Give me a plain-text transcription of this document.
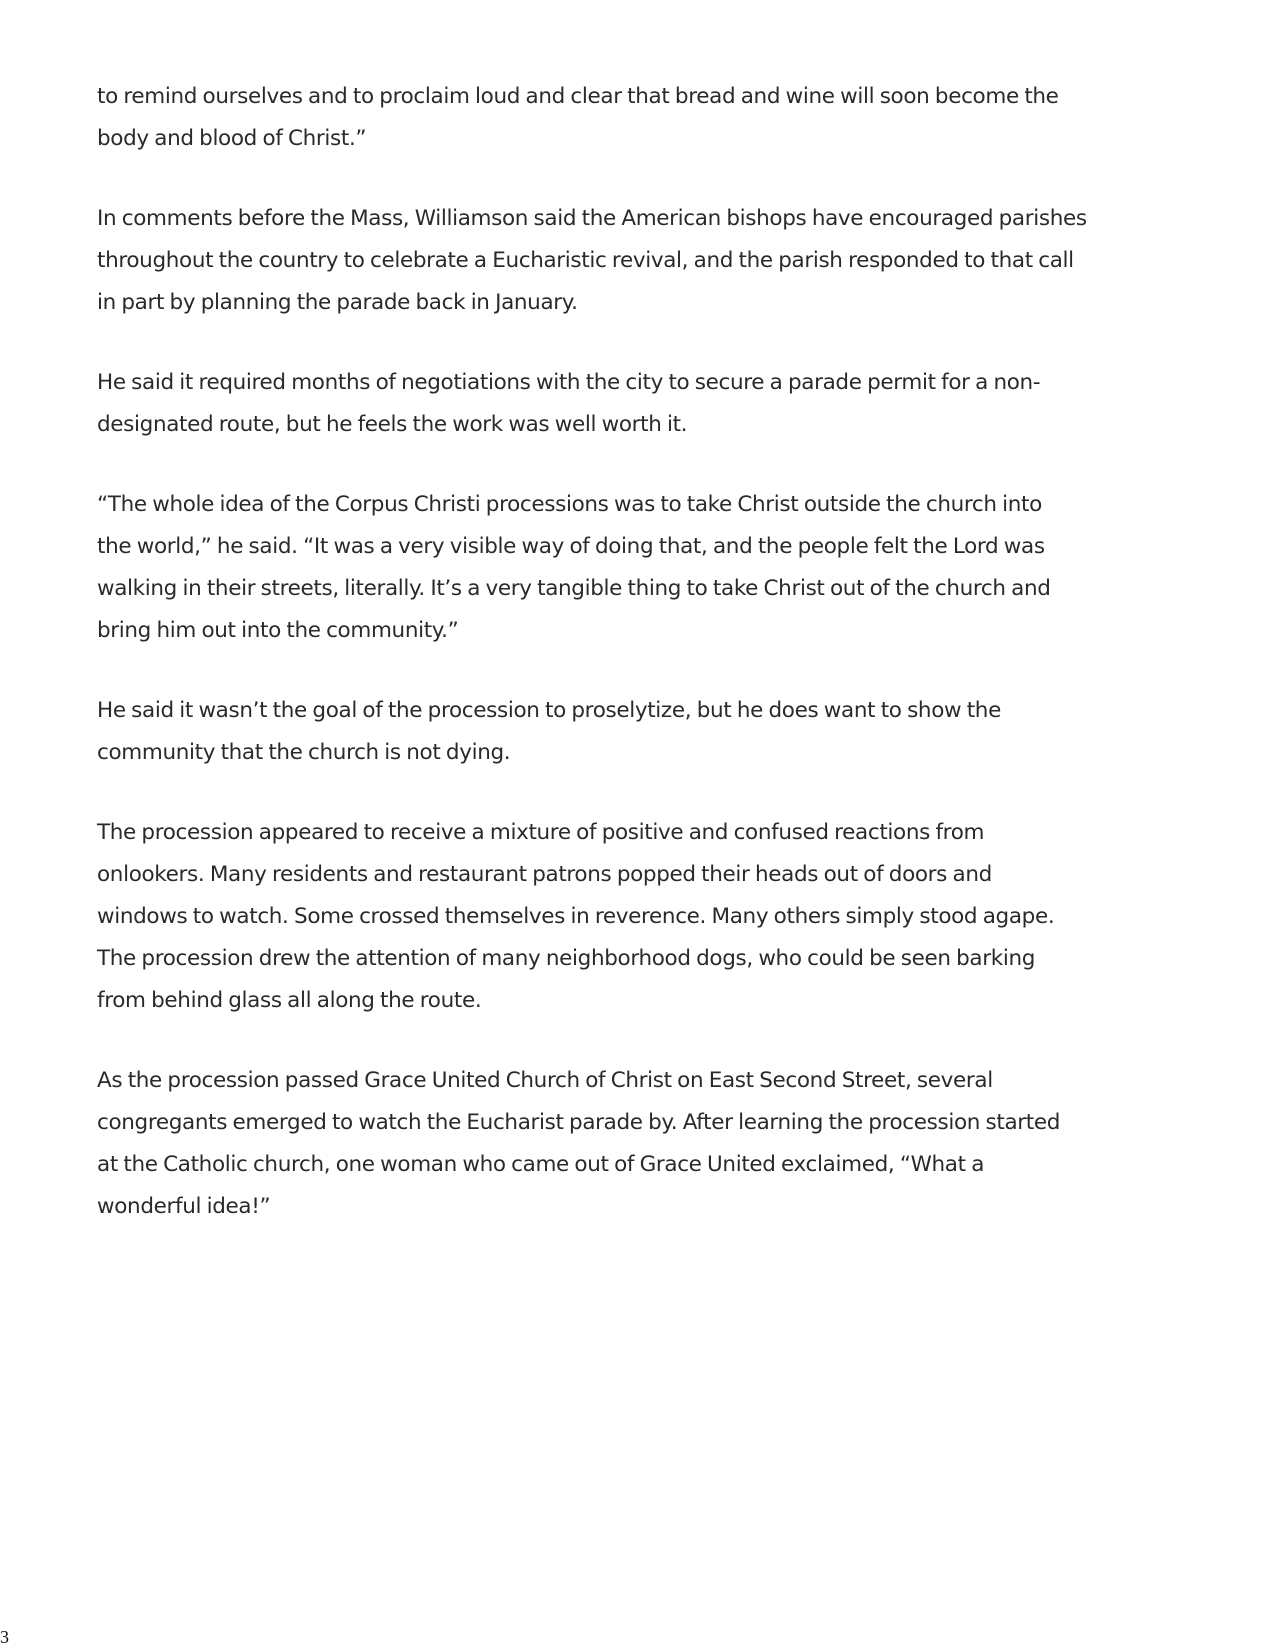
to remind ourselves and to proclaim loud and clear that bread and wine will soon become the
body and blood of Christ.”

In comments before the Mass, Williamson said the American bishops have encouraged parishes
throughout the country to celebrate a Eucharistic revival, and the parish responded to that call
in part by planning the parade back in January.

He said it required months of negotiations with the city to secure a parade permit for a non-
designated route, but he feels the work was well worth it.

“The whole idea of the Corpus Christi processions was to take Christ outside the church into
the world,” he said. “It was a very visible way of doing that, and the people felt the Lord was
walking in their streets, literally. It’s a very tangible thing to take Christ out of the church and
bring him out into the community.”

He said it wasn’t the goal of the procession to proselytize, but he does want to show the
community that the church is not dying.

The procession appeared to receive a mixture of positive and confused reactions from
onlookers. Many residents and restaurant patrons popped their heads out of doors and
windows to watch. Some crossed themselves in reverence. Many others simply stood agape.
The procession drew the attention of many neighborhood dogs, who could be seen barking
from behind glass all along the route.

As the procession passed Grace United Church of Christ on East Second Street, several
congregants emerged to watch the Eucharist parade by. After learning the procession started
at the Catholic church, one woman who came out of Grace United exclaimed, “What a
wonderful idea!”

3
